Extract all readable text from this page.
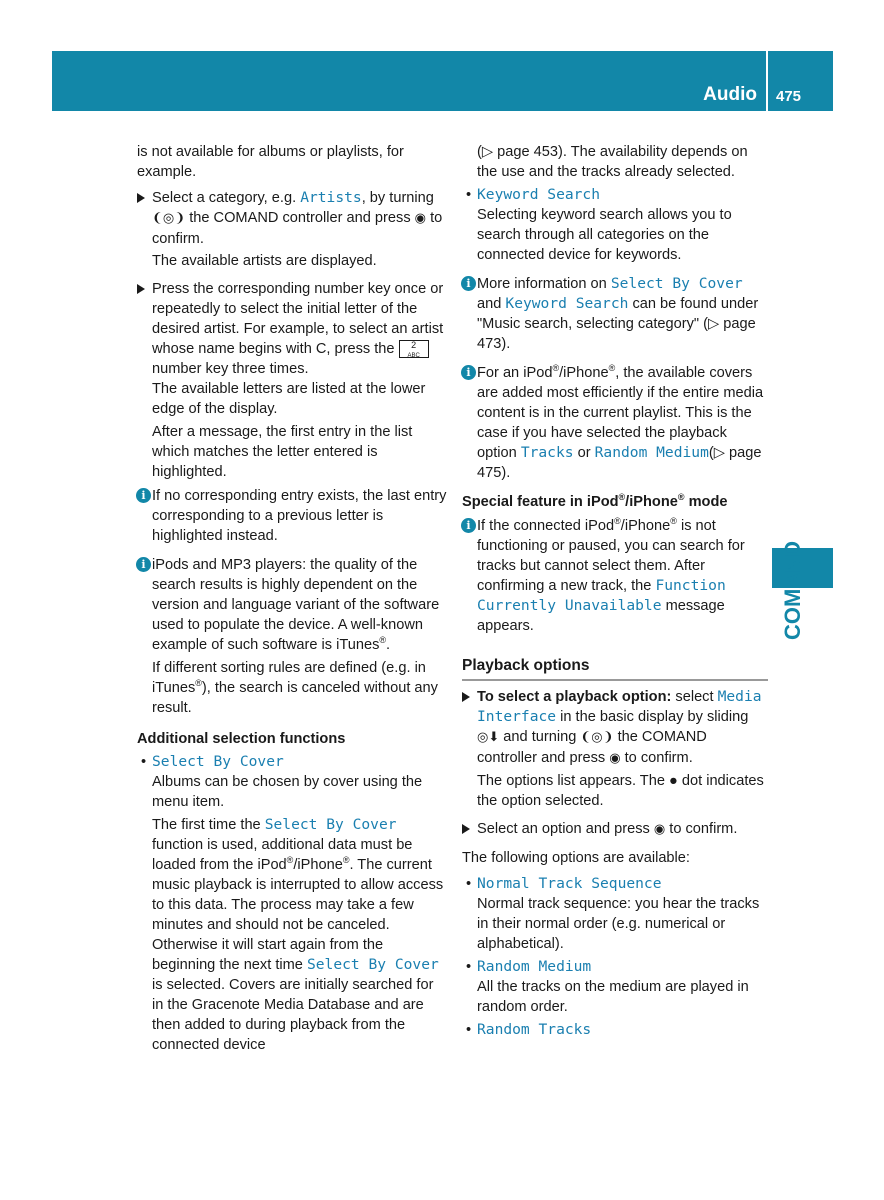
Audio 475
COMAND

is not available for albums or playlists, for example.

Select a category, e.g. Artists, by turning ❨◎❩ the COMAND controller and press ◉ to confirm.

The available artists are displayed.

Press the corresponding number key once or repeatedly to select the initial letter of the desired artist. For example, to select an artist whose name begins with C, press the 2
ABC number key three times.

The available letters are listed at the lower edge of the display.

After a message, the first entry in the list which matches the letter entered is highlighted.

i If no corresponding entry exists, the last entry corresponding to a previous letter is highlighted instead.
i iPods and MP3 players: the quality of the search results is highly dependent on the version and language variant of the software used to populate the device. A well-known example of such software is iTunes®.

If different sorting rules are defined (e.g. in iTunes®), the search is canceled without any result.

Additional selection functions

• Select By Cover

Albums can be chosen by cover using the menu item.

The first time the Select By Cover function is used, additional data must be loaded from the iPod®/iPhone®. The current music playback is interrupted to allow access to this data. The process may take a few minutes and should not be canceled. Otherwise it will start again from the beginning the next time Select By Cover is selected. Covers are initially searched for in the Gracenote Media Database and are then added to during playback from the connected device

(▷ page 453). The availability depends on the use and the tracks already selected.

• Keyword Search

Selecting keyword search allows you to search through all categories on the connected device for keywords.

i More information on Select By Cover and Keyword Search can be found under "Music search, selecting category" (▷ page 473).
i For an iPod®/iPhone®, the available covers are added most efficiently if the entire media content is in the current playlist. This is the case if you have selected the playback option Tracks or Random Medium(▷ page 475).

Special feature in iPod®/iPhone® mode

i If the connected iPod®/iPhone® is not functioning or paused, you can search for tracks but cannot select them. After confirming a new track, the Function Currently Unavailable message appears.

Playback options

To select a playback option: select Media Interface in the basic display by sliding ◎⬇ and turning ❨◎❩ the COMAND controller and press ◉ to confirm.

The options list appears. The ● dot indicates the option selected.

Select an option and press ◉ to confirm.

The following options are available:

• Normal Track Sequence

Normal track sequence: you hear the tracks in their normal order (e.g. numerical or alphabetical).

• Random Medium

All the tracks on the medium are played in random order.

• Random Tracks
